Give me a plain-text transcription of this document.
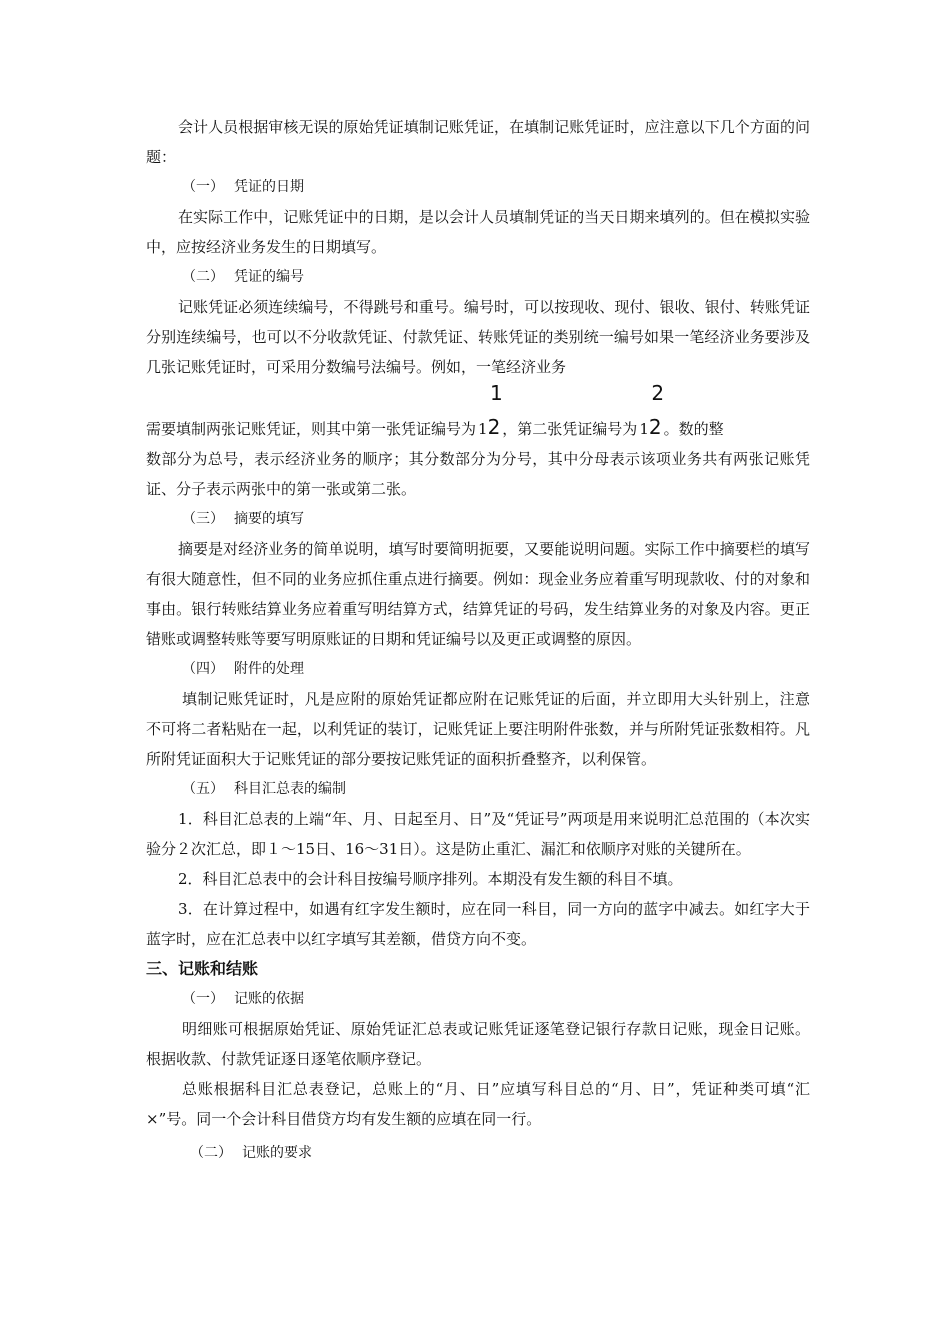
会计人员根据审核无误的原始凭证填制记账凭证，在填制记账凭证时，应注意以下几个方面的问题：

（一） 凭证的日期

在实际工作中，记账凭证中的日期，是以会计人员填制凭证的当天日期来填列的。但在模拟实验中，应按经济业务发生的日期填写。

（二） 凭证的编号

记账凭证必须连续编号，不得跳号和重号。编号时，可以按现收、现付、银收、银付、转账凭证分别连续编号，也可以不分收款凭证、付款凭证、转账凭证的类别统一编号如果一笔经济业务要涉及几张记账凭证时，可采用分数编号法编号。例如，一笔经济业务

需要填制两张记账凭证，则其中第一张凭证编号为 1
1
2 ，第二张凭证编号为 1
2
2 。数的整

数部分为总号，表示经济业务的顺序；其分数部分为分号，其中分母表示该项业务共有两张记账凭证、分子表示两张中的第一张或第二张。

（三） 摘要的填写

摘要是对经济业务的简单说明，填写时要简明扼要，又要能说明问题。实际工作中摘要栏的填写有很大随意性，但不同的业务应抓住重点进行摘要。例如：现金业务应着重写明现款收、付的对象和事由。银行转账结算业务应着重写明结算方式，结算凭证的号码，发生结算业务的对象及内容。更正错账或调整转账等要写明原账证的日期和凭证编号以及更正或调整的原因。

（四） 附件的处理

填制记账凭证时，凡是应附的原始凭证都应附在记账凭证的后面，并立即用大头针别上，注意不可将二者粘贴在一起，以利凭证的装订，记账凭证上要注明附件张数，并与所附凭证张数相符。凡所附凭证面积大于记账凭证的部分要按记账凭证的面积折叠整齐，以利保管。

（五） 科目汇总表的编制

1．科目汇总表的上端“年、月、日起至月、日”及“凭证号”两项是用来说明汇总范围的（本次实验分２次汇总，即１～15日、16～31日）。这是防止重汇、漏汇和依顺序对账的关键所在。

2．科目汇总表中的会计科目按编号顺序排列。本期没有发生额的科目不填。

3．在计算过程中，如遇有红字发生额时，应在同一科目，同一方向的蓝字中减去。如红字大于蓝字时，应在汇总表中以红字填写其差额，借贷方向不变。

三、记账和结账

（一） 记账的依据

明细账可根据原始凭证、原始凭证汇总表或记账凭证逐笔登记银行存款日记账，现金日记账。根据收款、付款凭证逐日逐笔依顺序登记。

总账根据科目汇总表登记，总账上的“月、日”应填写科目总的“月、日”，凭证种类可填“汇×”号。同一个会计科目借贷方均有发生额的应填在同一行。

（二） 记账的要求
